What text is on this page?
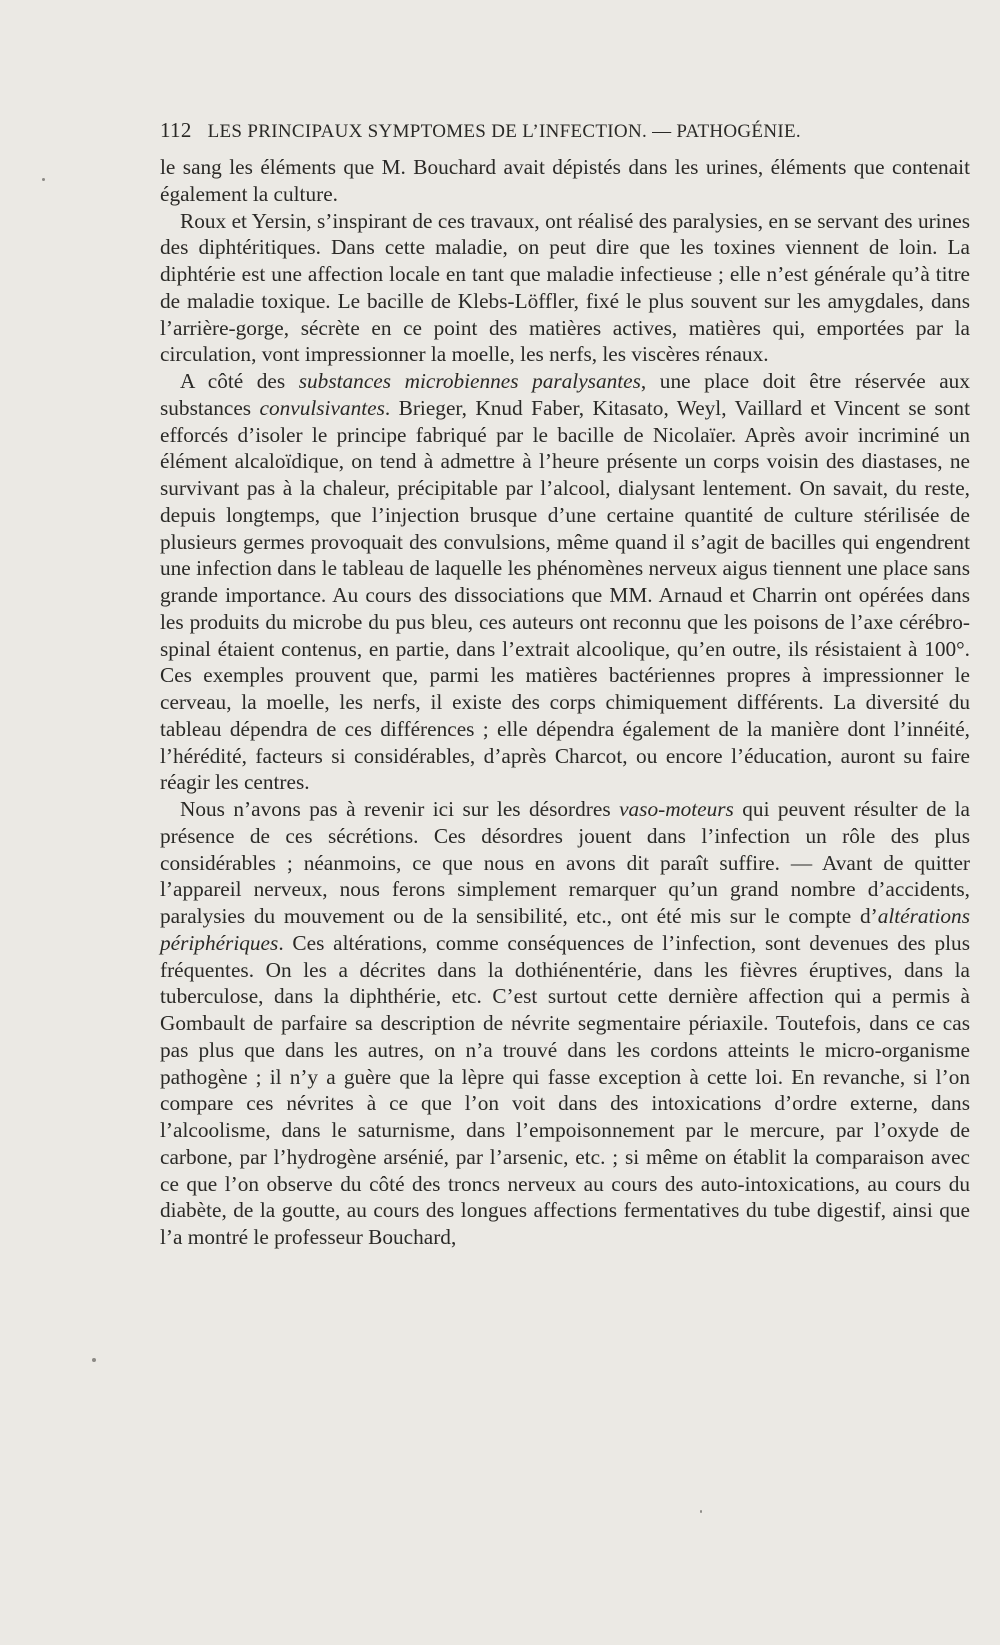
112 LES PRINCIPAUX SYMPTOMES DE L’INFECTION. — PATHOGÉNIE.

le sang les éléments que M. Bouchard avait dépistés dans les urines, éléments que contenait également la culture.

Roux et Yersin, s’inspirant de ces travaux, ont réalisé des paralysies, en se servant des urines des diphtéritiques. Dans cette maladie, on peut dire que les toxines viennent de loin. La diphtérie est une affection locale en tant que maladie infectieuse ; elle n’est générale qu’à titre de maladie toxique. Le bacille de Klebs-Löffler, fixé le plus souvent sur les amygdales, dans l’arrière-gorge, sécrète en ce point des matières actives, matières qui, emportées par la circulation, vont impressionner la moelle, les nerfs, les viscères rénaux.

A côté des substances microbiennes paralysantes, une place doit être réservée aux substances convulsivantes. Brieger, Knud Faber, Kitasato, Weyl, Vaillard et Vincent se sont efforcés d’isoler le principe fabriqué par le bacille de Nicolaïer. Après avoir incriminé un élément alcaloïdique, on tend à admettre à l’heure présente un corps voisin des diastases, ne survivant pas à la chaleur, précipitable par l’alcool, dialysant lentement. On savait, du reste, depuis longtemps, que l’injection brusque d’une certaine quantité de culture stérilisée de plusieurs germes provoquait des convulsions, même quand il s’agit de bacilles qui engendrent une infection dans le tableau de laquelle les phénomènes nerveux aigus tiennent une place sans grande importance. Au cours des dissociations que MM. Arnaud et Charrin ont opérées dans les produits du microbe du pus bleu, ces auteurs ont reconnu que les poisons de l’axe cérébro-spinal étaient contenus, en partie, dans l’extrait alcoolique, qu’en outre, ils résistaient à 100°. Ces exemples prouvent que, parmi les matières bactériennes propres à impressionner le cerveau, la moelle, les nerfs, il existe des corps chimiquement différents. La diversité du tableau dépendra de ces différences ; elle dépendra également de la manière dont l’innéité, l’hérédité, facteurs si considérables, d’après Charcot, ou encore l’éducation, auront su faire réagir les centres.

Nous n’avons pas à revenir ici sur les désordres vaso-moteurs qui peuvent résulter de la présence de ces sécrétions. Ces désordres jouent dans l’infection un rôle des plus considérables ; néanmoins, ce que nous en avons dit paraît suffire. — Avant de quitter l’appareil nerveux, nous ferons simplement remarquer qu’un grand nombre d’accidents, paralysies du mouvement ou de la sensibilité, etc., ont été mis sur le compte d’altérations périphériques. Ces altérations, comme conséquences de l’infection, sont devenues des plus fréquentes. On les a décrites dans la dothiénentérie, dans les fièvres éruptives, dans la tuberculose, dans la diphthérie, etc. C’est surtout cette dernière affection qui a permis à Gombault de parfaire sa description de névrite segmentaire périaxile. Toutefois, dans ce cas pas plus que dans les autres, on n’a trouvé dans les cordons atteints le micro-organisme pathogène ; il n’y a guère que la lèpre qui fasse exception à cette loi. En revanche, si l’on compare ces névrites à ce que l’on voit dans des intoxications d’ordre externe, dans l’alcoolisme, dans le saturnisme, dans l’empoisonnement par le mercure, par l’oxyde de carbone, par l’hydrogène arsénié, par l’arsenic, etc. ; si même on établit la comparaison avec ce que l’on observe du côté des troncs nerveux au cours des auto-intoxications, au cours du diabète, de la goutte, au cours des longues affections fermentatives du tube digestif, ainsi que l’a montré le professeur Bouchard,
